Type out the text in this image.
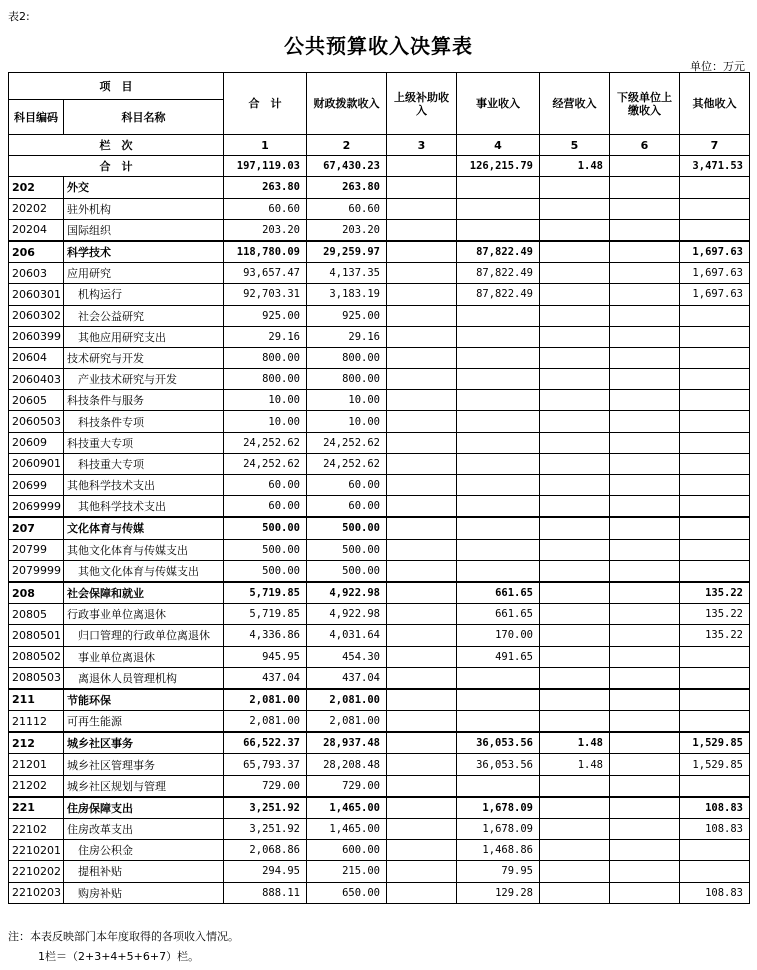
表2:
公共预算收入决算表
单位：万元
项　目		合　计	财政拨款收入	上级补助收入	事业收入	经营收入	下级单位上缴收入	其他收入
科目编码	科目名称							
栏　次		1	2	3	4	5	6	7
合　计		197,119.03	67,430.23		126,215.79	1.48		3,471.53
202	外交	263.80	263.80					
20202	驻外机构	60.60	60.60					
20204	国际组织	203.20	203.20					
206	科学技术	118,780.09	29,259.97		87,822.49			1,697.63
20603	应用研究	93,657.47	4,137.35		87,822.49			1,697.63
2060301	机构运行	92,703.31	3,183.19		87,822.49			1,697.63
2060302	社会公益研究	925.00	925.00					
2060399	其他应用研究支出	29.16	29.16					
20604	技术研究与开发	800.00	800.00					
2060403	产业技术研究与开发	800.00	800.00					
20605	科技条件与服务	10.00	10.00					
2060503	科技条件专项	10.00	10.00					
20609	科技重大专项	24,252.62	24,252.62					
2060901	科技重大专项	24,252.62	24,252.62					
20699	其他科学技术支出	60.00	60.00					
2069999	其他科学技术支出	60.00	60.00					
207	文化体育与传媒	500.00	500.00					
20799	其他文化体育与传媒支出	500.00	500.00					
2079999	其他文化体育与传媒支出	500.00	500.00					
208	社会保障和就业	5,719.85	4,922.98		661.65			135.22
20805	行政事业单位离退休	5,719.85	4,922.98		661.65			135.22
2080501	归口管理的行政单位离退休	4,336.86	4,031.64		170.00			135.22
2080502	事业单位离退休	945.95	454.30		491.65			
2080503	离退休人员管理机构	437.04	437.04					
211	节能环保	2,081.00	2,081.00					
21112	可再生能源	2,081.00	2,081.00					
212	城乡社区事务	66,522.37	28,937.48		36,053.56	1.48		1,529.85
21201	城乡社区管理事务	65,793.37	28,208.48		36,053.56	1.48		1,529.85
21202	城乡社区规划与管理	729.00	729.00					
221	住房保障支出	3,251.92	1,465.00		1,678.09			108.83
22102	住房改革支出	3,251.92	1,465.00		1,678.09			108.83
2210201	住房公积金	2,068.86	600.00		1,468.86			
2210202	提租补贴	294.95	215.00		79.95			
2210203	购房补贴	888.11	650.00		129.28			108.83
注：本表反映部门本年度取得的各项收入情况。
1栏＝（2+3+4+5+6+7）栏。
